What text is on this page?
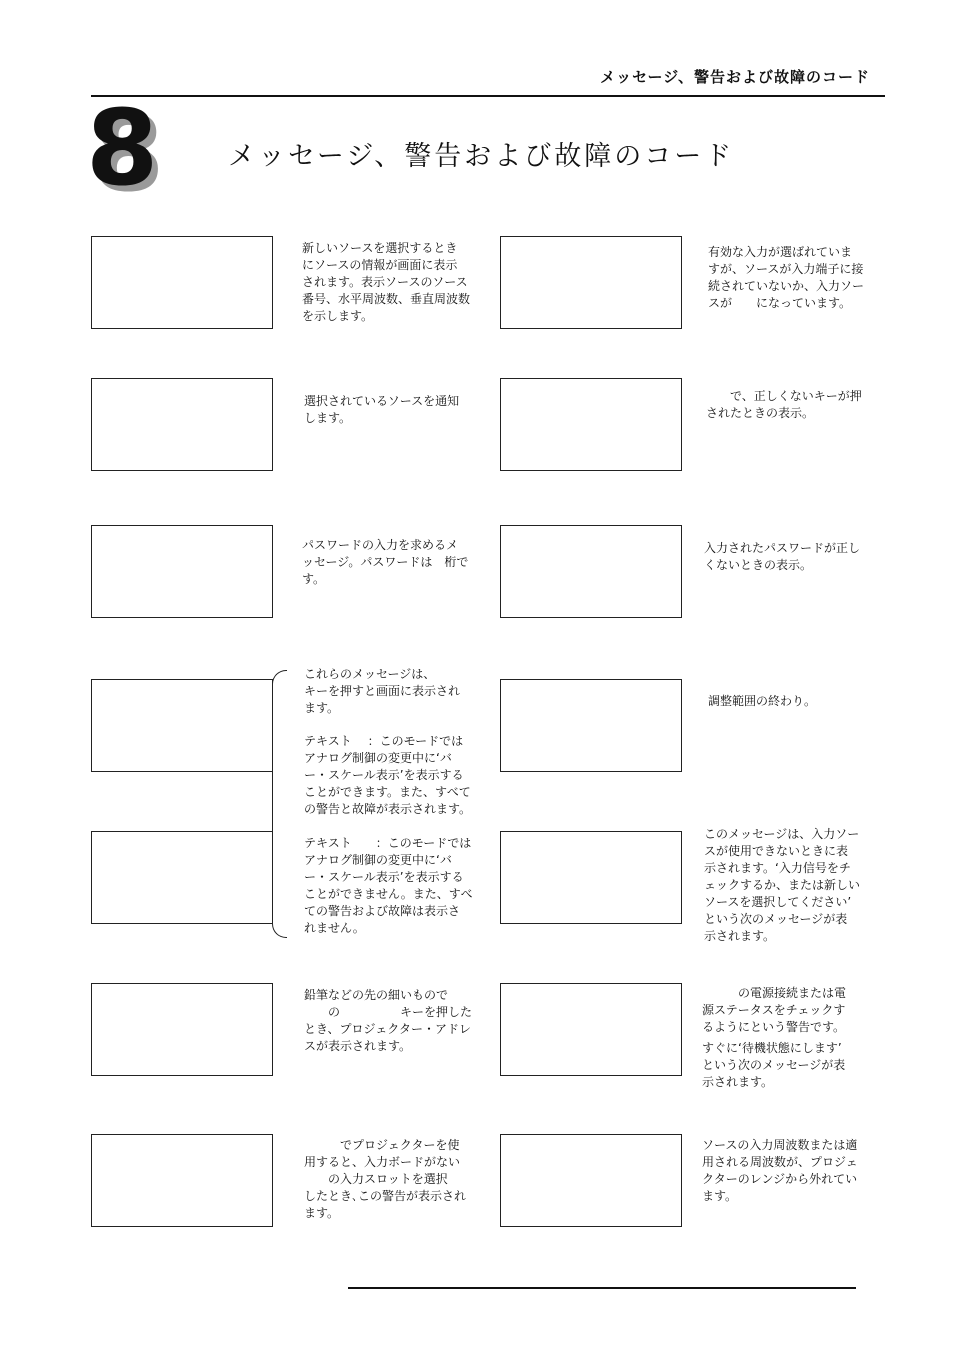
メッセージ、警告および故障のコード
8	メッセージ、警告および故障のコード
新しいソースを選択するとき
にソースの情報が画面に表示
されます。表示ソースのソース
番号、水平周波数、垂直周波数
を示します。
有効な入力が選ばれていま
すが、ソースが入力端子に接
続されていないか、入力ソー
スが　　になっています。
選択されているソースを通知
します。
　　で、正しくないキーが押
されたときの表示。
パスワードの入力を求めるメ
ッセージ。パスワードは　桁で
す。
入力されたパスワードが正し
くないときの表示。
これらのメッセージは、
キーを押すと画面に表示され
ます。
テキスト　 ：このモードでは
アナログ制御の変更中に‘バ
ー・スケール表示’を表示する
ことができます。また、すべて
の警告と故障が表示されます。
調整範囲の終わり。
テキスト　　：このモードでは
アナログ制御の変更中に‘バ
ー・スケール表示’を表示する
ことができません。また、すべ
ての警告および故障は表示さ
れません。
このメッセージは、入力ソー
スが使用できないときに表
示されます。‘入力信号をチ
ェックするか、または新しい
ソースを選択してください’
という次のメッセージが表
示されます。
鉛筆などの先の細いもので
　　の　　　　　キーを押した
とき、プロジェクター・アドレ
スが表示されます。
　　　の電源接続または電
源ステータスをチェックす
るようにという警告です。
すぐに‘待機状態にします’
という次のメッセージが表
示されます。
　　　でプロジェクターを使
用すると、入力ボードがない
　　の入力スロットを選択
したとき､この警告が表示され
ます。
ソースの入力周波数または適
用される周波数が、プロジェ
クターのレンジから外れてい
ます。
